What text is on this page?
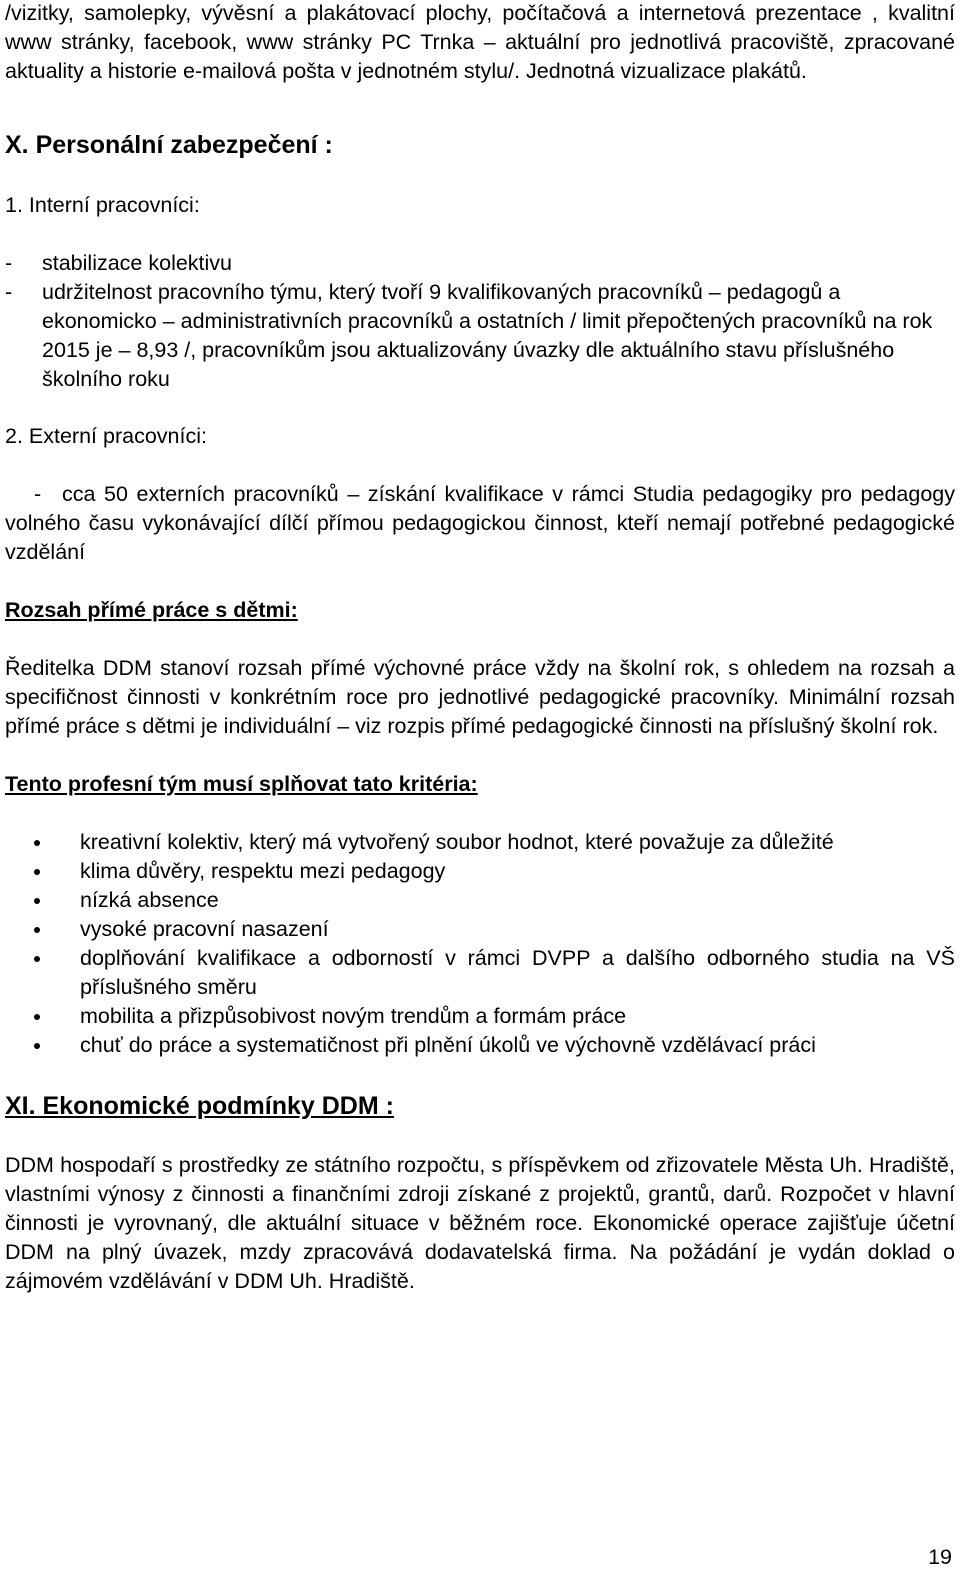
/vizitky, samolepky, vývěsní a plakátovací plochy, počítačová a internetová prezentace , kvalitní www stránky, facebook, www stránky PC Trnka – aktuální pro jednotlivá pracoviště, zpracované aktuality a historie e-mailová pošta v jednotném stylu/. Jednotná vizualizace plakátů.

X. Personální zabezpečení :

1. Interní pracovníci:

- stabilizace kolektivu
- udržitelnost pracovního týmu, který tvoří 9 kvalifikovaných pracovníků – pedagogů a ekonomicko – administrativních pracovníků a ostatních / limit přepočtených pracovníků na rok 2015 je – 8,93 /, pracovníkům jsou aktualizovány úvazky dle aktuálního stavu příslušného školního roku

2. Externí pracovníci:

- cca 50 externích pracovníků – získání kvalifikace v rámci Studia pedagogiky pro pedagogy volného času vykonávající dílčí přímou pedagogickou činnost, kteří nemají potřebné pedagogické vzdělání

Rozsah přímé práce s dětmi:

Ředitelka DDM stanoví rozsah přímé výchovné práce vždy na školní rok, s ohledem na rozsah a specifičnost činnosti v konkrétním roce pro jednotlivé pedagogické pracovníky. Minimální rozsah přímé práce s dětmi je individuální – viz rozpis přímé pedagogické činnosti na příslušný školní rok.

Tento profesní tým musí splňovat tato kritéria:

kreativní kolektiv, který má vytvořený soubor hodnot, které považuje za důležité
klima důvěry, respektu mezi pedagogy
nízká absence
vysoké pracovní nasazení
doplňování kvalifikace a odborností v rámci DVPP a dalšího odborného studia na VŠ příslušného směru
mobilita a přizpůsobivost novým trendům a formám práce
chuť do práce a systematičnost při plnění úkolů ve výchovně vzdělávací práci

XI. Ekonomické podmínky DDM :

DDM hospodaří s prostředky ze státního rozpočtu, s příspěvkem od zřizovatele Města Uh. Hradiště, vlastními výnosy z činnosti a finančními zdroji získané z projektů, grantů, darů. Rozpočet v hlavní činnosti je vyrovnaný, dle aktuální situace v běžném roce. Ekonomické operace zajišťuje účetní DDM na plný úvazek, mzdy zpracovává dodavatelská firma. Na požádání je vydán doklad o zájmovém vzdělávání v DDM Uh. Hradiště.

19
